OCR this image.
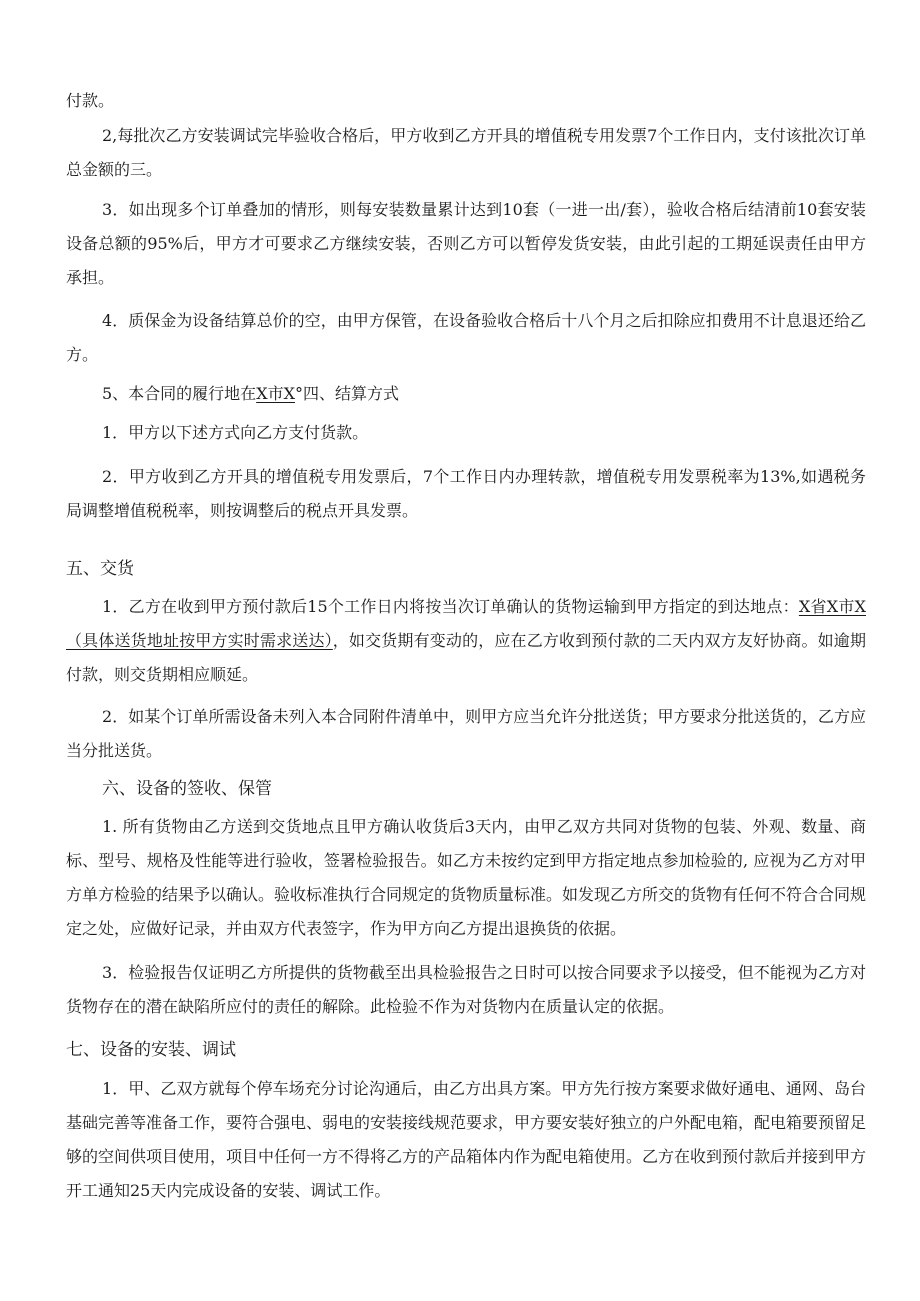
付款。

2,每批次乙方安装调试完毕验收合格后，甲方收到乙方开具的增值税专用发票7个工作日内，支付该批次订单总金额的三。

3．如出现多个订单叠加的情形，则每安装数量累计达到10套（一进一出/套），验收合格后结清前10套安装设备总额的95%后，甲方才可要求乙方继续安装，否则乙方可以暂停发货安装，由此引起的工期延误责任由甲方承担。

4．质保金为设备结算总价的空，由甲方保管，在设备验收合格后十八个月之后扣除应扣费用不计息退还给乙方。

5、本合同的履行地在X市X°四、结算方式

1．甲方以下述方式向乙方支付货款。

2．甲方收到乙方开具的增值税专用发票后，7个工作日内办理转款，增值税专用发票税率为13%,如遇税务局调整增值税税率，则按调整后的税点开具发票。

五、交货

1．乙方在收到甲方预付款后15个工作日内将按当次订单确认的货物运输到甲方指定的到达地点：X省X市X（具体送货地址按甲方实时需求送达），如交货期有变动的，应在乙方收到预付款的二天内双方友好协商。如逾期付款，则交货期相应顺延。

2．如某个订单所需设备未列入本合同附件清单中，则甲方应当允许分批送货；甲方要求分批送货的，乙方应当分批送货。

六、设备的签收、保管

1. 所有货物由乙方送到交货地点且甲方确认收货后3天内，由甲乙双方共同对货物的包装、外观、数量、商标、型号、规格及性能等进行验收，签署检验报告。如乙方未按约定到甲方指定地点参加检验的, 应视为乙方对甲方单方检验的结果予以确认。验收标准执行合同规定的货物质量标准。如发现乙方所交的货物有任何不符合合同规定之处，应做好记录，并由双方代表签字，作为甲方向乙方提出退换货的依据。

3．检验报告仅证明乙方所提供的货物截至出具检验报告之日时可以按合同要求予以接受，但不能视为乙方对货物存在的潜在缺陷所应付的责任的解除。此检验不作为对货物内在质量认定的依据。

七、设备的安装、调试

1．甲、乙双方就每个停车场充分讨论沟通后，由乙方出具方案。甲方先行按方案要求做好通电、通网、岛台基础完善等准备工作，要符合强电、弱电的安装接线规范要求，甲方要安装好独立的户外配电箱，配电箱要预留足够的空间供项目使用，项目中任何一方不得将乙方的产品箱体内作为配电箱使用。乙方在收到预付款后并接到甲方开工通知25天内完成设备的安装、调试工作。
